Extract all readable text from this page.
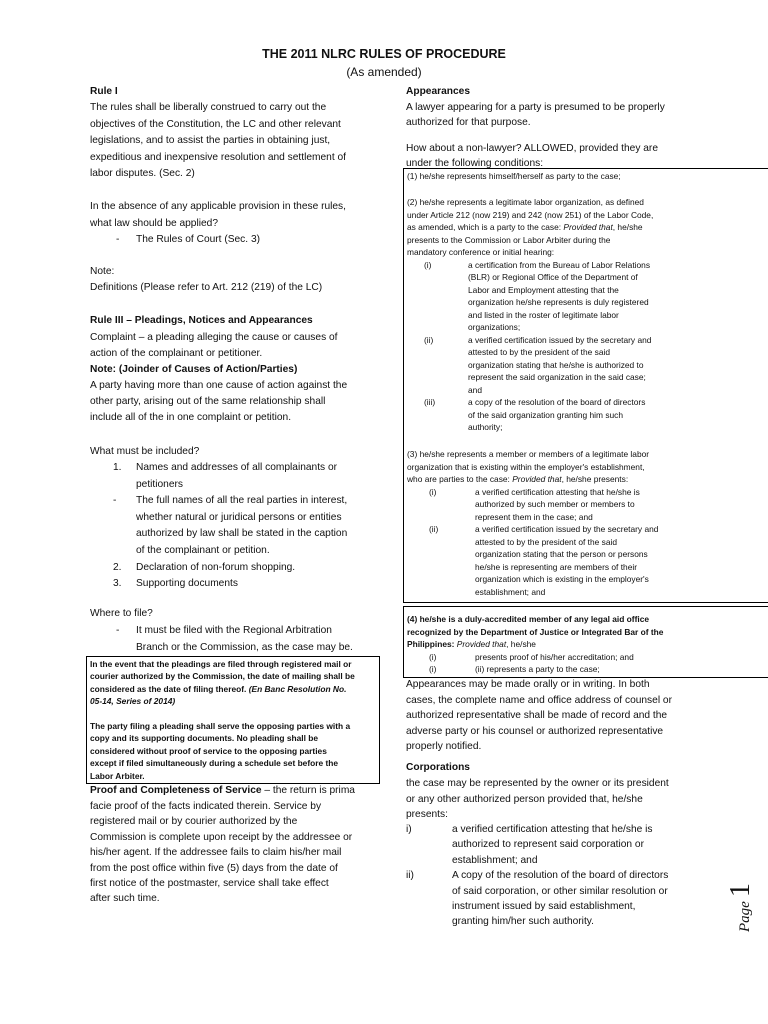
THE 2011 NLRC RULES OF PROCEDURE
(As amended)
Rule I
The rules shall be liberally construed to carry out the
objectives of the Constitution, the LC and other relevant
legislations, and to assist the parties in obtaining just,
expeditious and inexpensive resolution and settlement of
labor disputes. (Sec. 2)
In the absence of any applicable provision in these rules,
what law should be applied?
- The Rules of Court (Sec. 3)
Note:
Definitions (Please refer to Art. 212 (219) of the LC)
Rule III – Pleadings, Notices and Appearances
Complaint – a pleading alleging the cause or causes of
action of the complainant or petitioner.
Note: (Joinder of Causes of Action/Parties)
A party having more than one cause of action against the
other party, arising out of the same relationship shall
include all of the in one complaint or petition.
What must be included?
1. Names and addresses of all complainants or
petitioners
- The full names of all the real parties in interest,
whether natural or juridical persons or entities
authorized by law shall be stated in the caption
of the complainant or petition.
2. Declaration of non-forum shopping.
3. Supporting documents
Where to file?
- It must be filed with the Regional Arbitration
Branch or the Commission, as the case may be.
In the event that the pleadings are filed through registered mail or
courier authorized by the Commission, the date of mailing shall be
considered as the date of filing thereof. (En Banc Resolution No.
05-14, Series of 2014)

The party filing a pleading shall serve the opposing parties with a
copy and its supporting documents. No pleading shall be
considered without proof of service to the opposing parties
except if filed simultaneously during a schedule set before the
Labor Arbiter.
Proof and Completeness of Service – the return is prima
facie proof of the facts indicated therein. Service by
registered mail or by courier authorized by the
Commission is complete upon receipt by the addressee or
his/her agent. If the addressee fails to claim his/her mail
from the post office within five (5) days from the date of
first notice of the postmaster, service shall take effect
after such time.
Appearances
A lawyer appearing for a party is presumed to be properly
authorized for that purpose.
How about a non-lawyer? ALLOWED, provided they are
under the following conditions:
(1) he/she represents himself/herself as party to the case;
(2) he/she represents a legitimate labor organization, as defined
under Article 212 (now 219) and 242 (now 251) of the Labor Code,
as amended, which is a party to the case: Provided that, he/she
presents to the Commission or Labor Arbiter during the
mandatory conference or initial hearing:
(i)	a certification from the Bureau of Labor Relations
(BLR) or Regional Office of the Department of
Labor and Employment attesting that the
organization he/she represents is duly registered
and listed in the roster of legitimate labor
organizations;
(ii)	a verified certification issued by the secretary and
attested to by the president of the said
organization stating that he/she is authorized to
represent the said organization in the said case;
and
(iii)	a copy of the resolution of the board of directors
of the said organization granting him such
authority;
(3) he/she represents a member or members of a legitimate labor
organization that is existing within the employer's establishment,
who are parties to the case: Provided that, he/she presents:
(i)	a verified certification attesting that he/she is
authorized by such member or members to
represent them in the case; and
(ii)	a verified certification issued by the secretary and
attested to by the president of the said
organization stating that the person or persons
he/she is representing are members of their
organization which is existing in the employer's
establishment; and
(4) he/she is a duly-accredited member of any legal aid office
recognized by the Department of Justice or Integrated Bar of the
Philippines: Provided that, he/she
(i)	presents proof of his/her accreditation; and
(i)	(ii) represents a party to the case;
Appearances may be made orally or in writing. In both
cases, the complete name and office address of counsel or
authorized representative shall be made of record and the
adverse party or his counsel or authorized representative
properly notified.
Corporations
the case may be represented by the owner or its president
or any other authorized person provided that, he/she
presents:
i)	a verified certification attesting that he/she is
authorized to represent said corporation or
establishment; and
ii)	A copy of the resolution of the board of directors
of said corporation, or other similar resolution or
instrument issued by said establishment,
granting him/her such authority.	Page 1
